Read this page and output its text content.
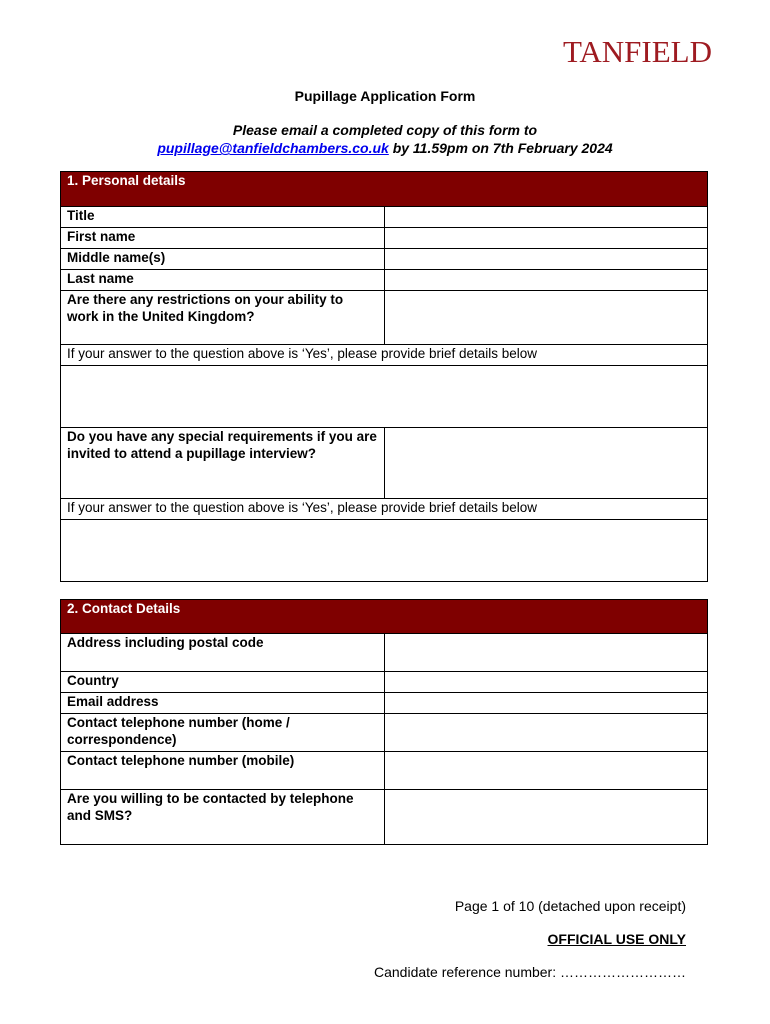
TANFIELD
Pupillage Application Form
Please email a completed copy of this form to
pupillage@tanfieldchambers.co.uk by 11.59pm on 7th February 2024
1. Personal details	
Title	
First name	
Middle name(s)	
Last name	
Are there any restrictions on your ability to work in the United Kingdom?	
If your answer to the question above is ‘Yes’, please provide brief details below	

Do you have any special requirements if you are invited to attend a pupillage interview?	
If your answer to the question above is ‘Yes’, please provide brief details below	

2. Contact Details	
Address including postal code	
Country	
Email address	
Contact telephone number (home / correspondence)	
Contact telephone number (mobile)	
Are you willing to be contacted by telephone and SMS?	
Page 1 of 10 (detached upon receipt)
OFFICIAL USE ONLY
Candidate reference number: ………………………
